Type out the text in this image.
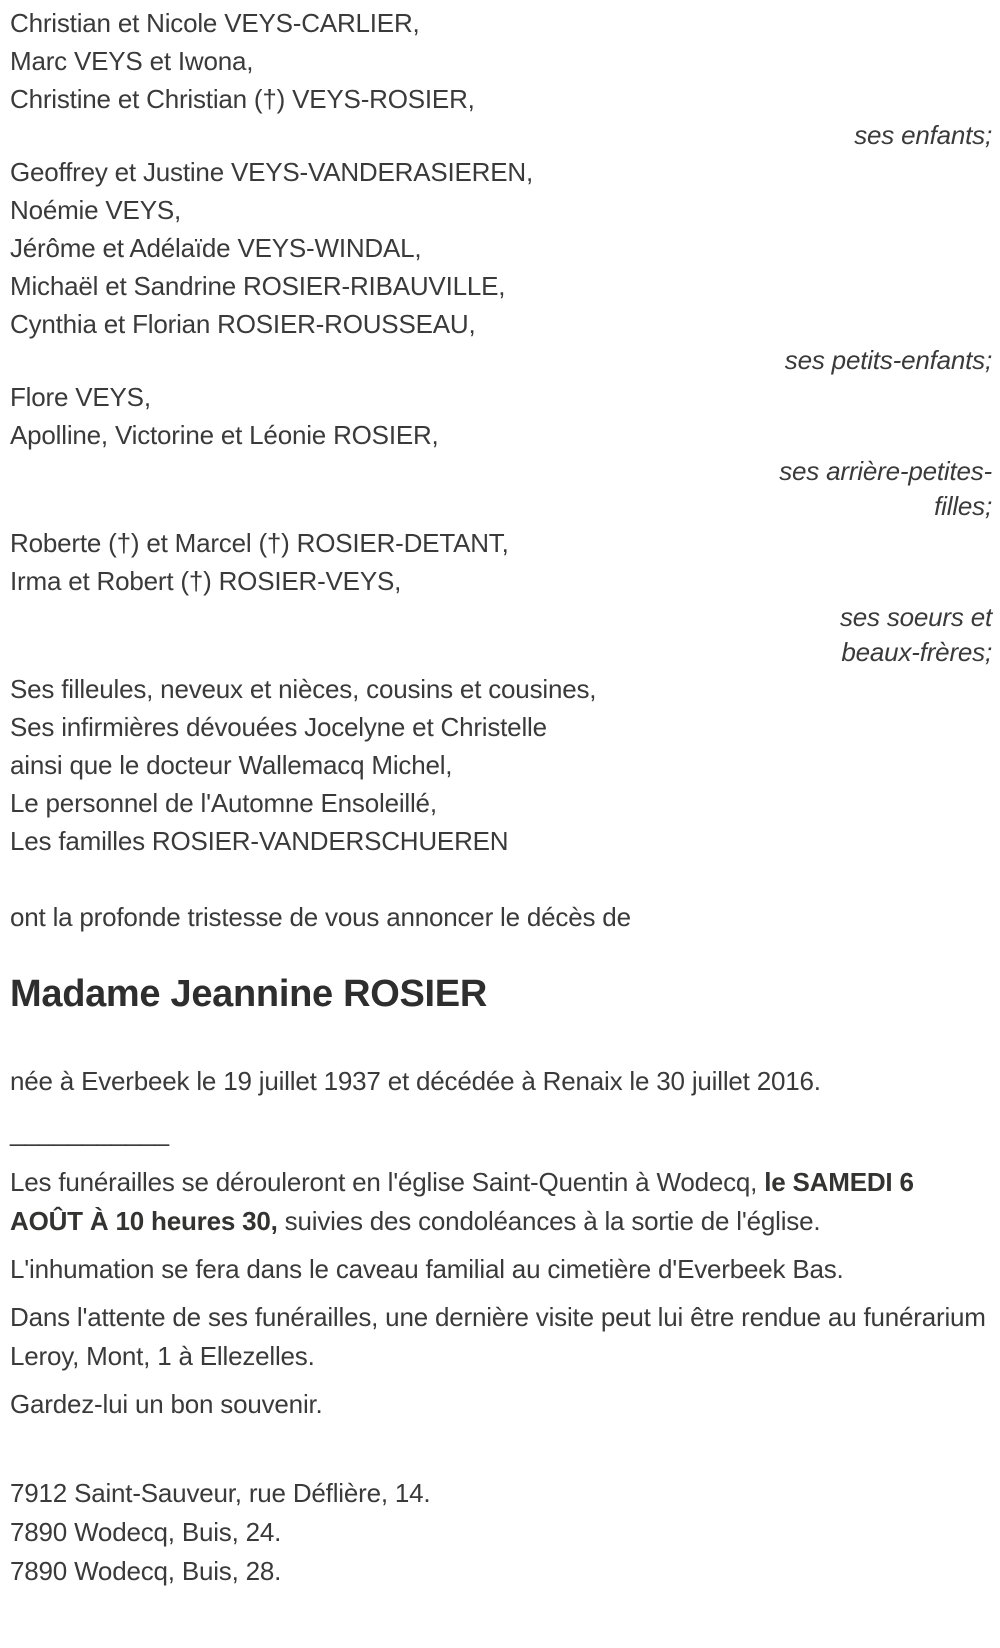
Christian et Nicole VEYS-CARLIER,

Marc VEYS et Iwona,

Christine et Christian (†) VEYS-ROSIER,

ses enfants;

Geoffrey et Justine VEYS-VANDERASIEREN,

Noémie VEYS,

Jérôme et Adélaïde VEYS-WINDAL,

Michaël et Sandrine ROSIER-RIBAUVILLE,

Cynthia et Florian ROSIER-ROUSSEAU,

ses petits-enfants;

Flore VEYS,

Apolline, Victorine et Léonie ROSIER,

ses arrière-petites-

filles;

Roberte (†) et Marcel (†) ROSIER-DETANT,

Irma et Robert (†) ROSIER-VEYS,

ses soeurs et

beaux-frères;

Ses filleules, neveux et nièces, cousins et cousines,

Ses infirmières dévouées Jocelyne et Christelle

ainsi que le docteur Wallemacq Michel,

Le personnel de l'Automne Ensoleillé,

Les familles ROSIER-VANDERSCHUEREN

ont la profonde tristesse de vous annoncer le décès de

Madame Jeannine ROSIER

née à Everbeek le 19 juillet 1937 et décédée à Renaix le 30 juillet 2016.

___________

Les funérailles se dérouleront en l'église Saint-Quentin à Wodecq, le SAMEDI 6 AOÛT À 10 heures 30, suivies des condoléances à la sortie de l'église.

L'inhumation se fera dans le caveau familial au cimetière d'Everbeek Bas.

Dans l'attente de ses funérailles, une dernière visite peut lui être rendue au funérarium Leroy, Mont, 1 à Ellezelles.

Gardez-lui un bon souvenir.

7912 Saint-Sauveur, rue Déflière, 14.

7890 Wodecq, Buis, 24.

7890 Wodecq, Buis, 28.
